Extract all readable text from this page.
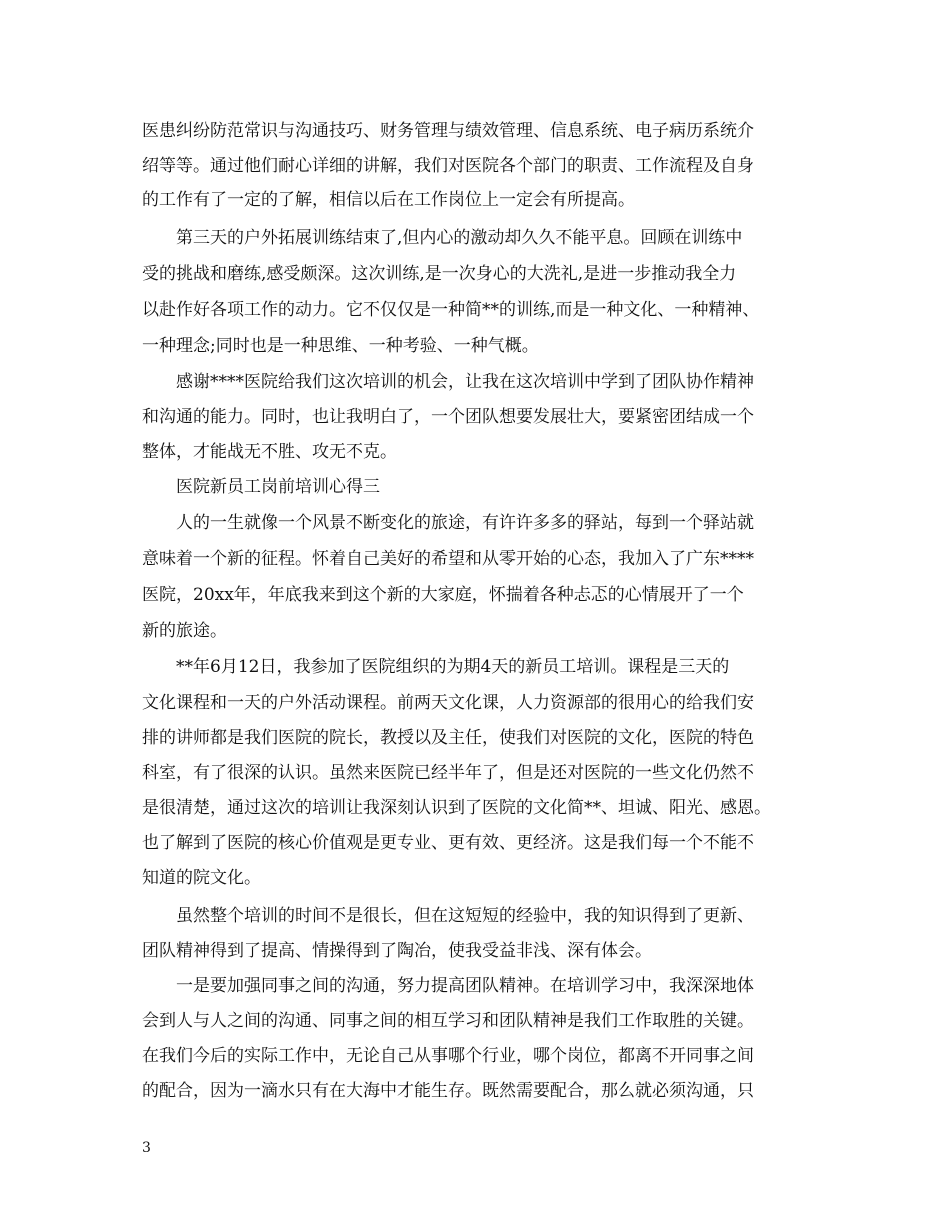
医患纠纷防范常识与沟通技巧、财务管理与绩效管理、信息系统、电子病历系统介
绍等等。通过他们耐心详细的讲解，我们对医院各个部门的职责、工作流程及自身
的工作有了一定的了解，相信以后在工作岗位上一定会有所提高。
第三天的户外拓展训练结束了,但内心的激动却久久不能平息。回顾在训练中
受的挑战和磨练,感受颇深。这次训练,是一次身心的大洗礼,是进一步推动我全力
以赴作好各项工作的动力。它不仅仅是一种简**的训练,而是一种文化、一种精神、
一种理念;同时也是一种思维、一种考验、一种气概。
感谢****医院给我们这次培训的机会，让我在这次培训中学到了团队协作精神
和沟通的能力。同时，也让我明白了，一个团队想要发展壮大，要紧密团结成一个
整体，才能战无不胜、攻无不克。
医院新员工岗前培训心得三
人的一生就像一个风景不断变化的旅途，有许许多多的驿站，每到一个驿站就
意味着一个新的征程。怀着自己美好的希望和从零开始的心态，我加入了广东****
医院，20xx年，年底我来到这个新的大家庭，怀揣着各种忐忑的心情展开了一个
新的旅途。
**年6月12日，我参加了医院组织的为期4天的新员工培训。课程是三天的
文化课程和一天的户外活动课程。前两天文化课，人力资源部的很用心的给我们安
排的讲师都是我们医院的院长，教授以及主任，使我们对医院的文化，医院的特色
科室，有了很深的认识。虽然来医院已经半年了，但是还对医院的一些文化仍然不
是很清楚，通过这次的培训让我深刻认识到了医院的文化简**、坦诚、阳光、感恩。
也了解到了医院的核心价值观是更专业、更有效、更经济。这是我们每一个不能不
知道的院文化。
虽然整个培训的时间不是很长，但在这短短的经验中，我的知识得到了更新、
团队精神得到了提高、情操得到了陶冶，使我受益非浅、深有体会。
一是要加强同事之间的沟通，努力提高团队精神。在培训学习中，我深深地体
会到人与人之间的沟通、同事之间的相互学习和团队精神是我们工作取胜的关键。
在我们今后的实际工作中，无论自己从事哪个行业，哪个岗位，都离不开同事之间
的配合，因为一滴水只有在大海中才能生存。既然需要配合，那么就必须沟通，只
3
